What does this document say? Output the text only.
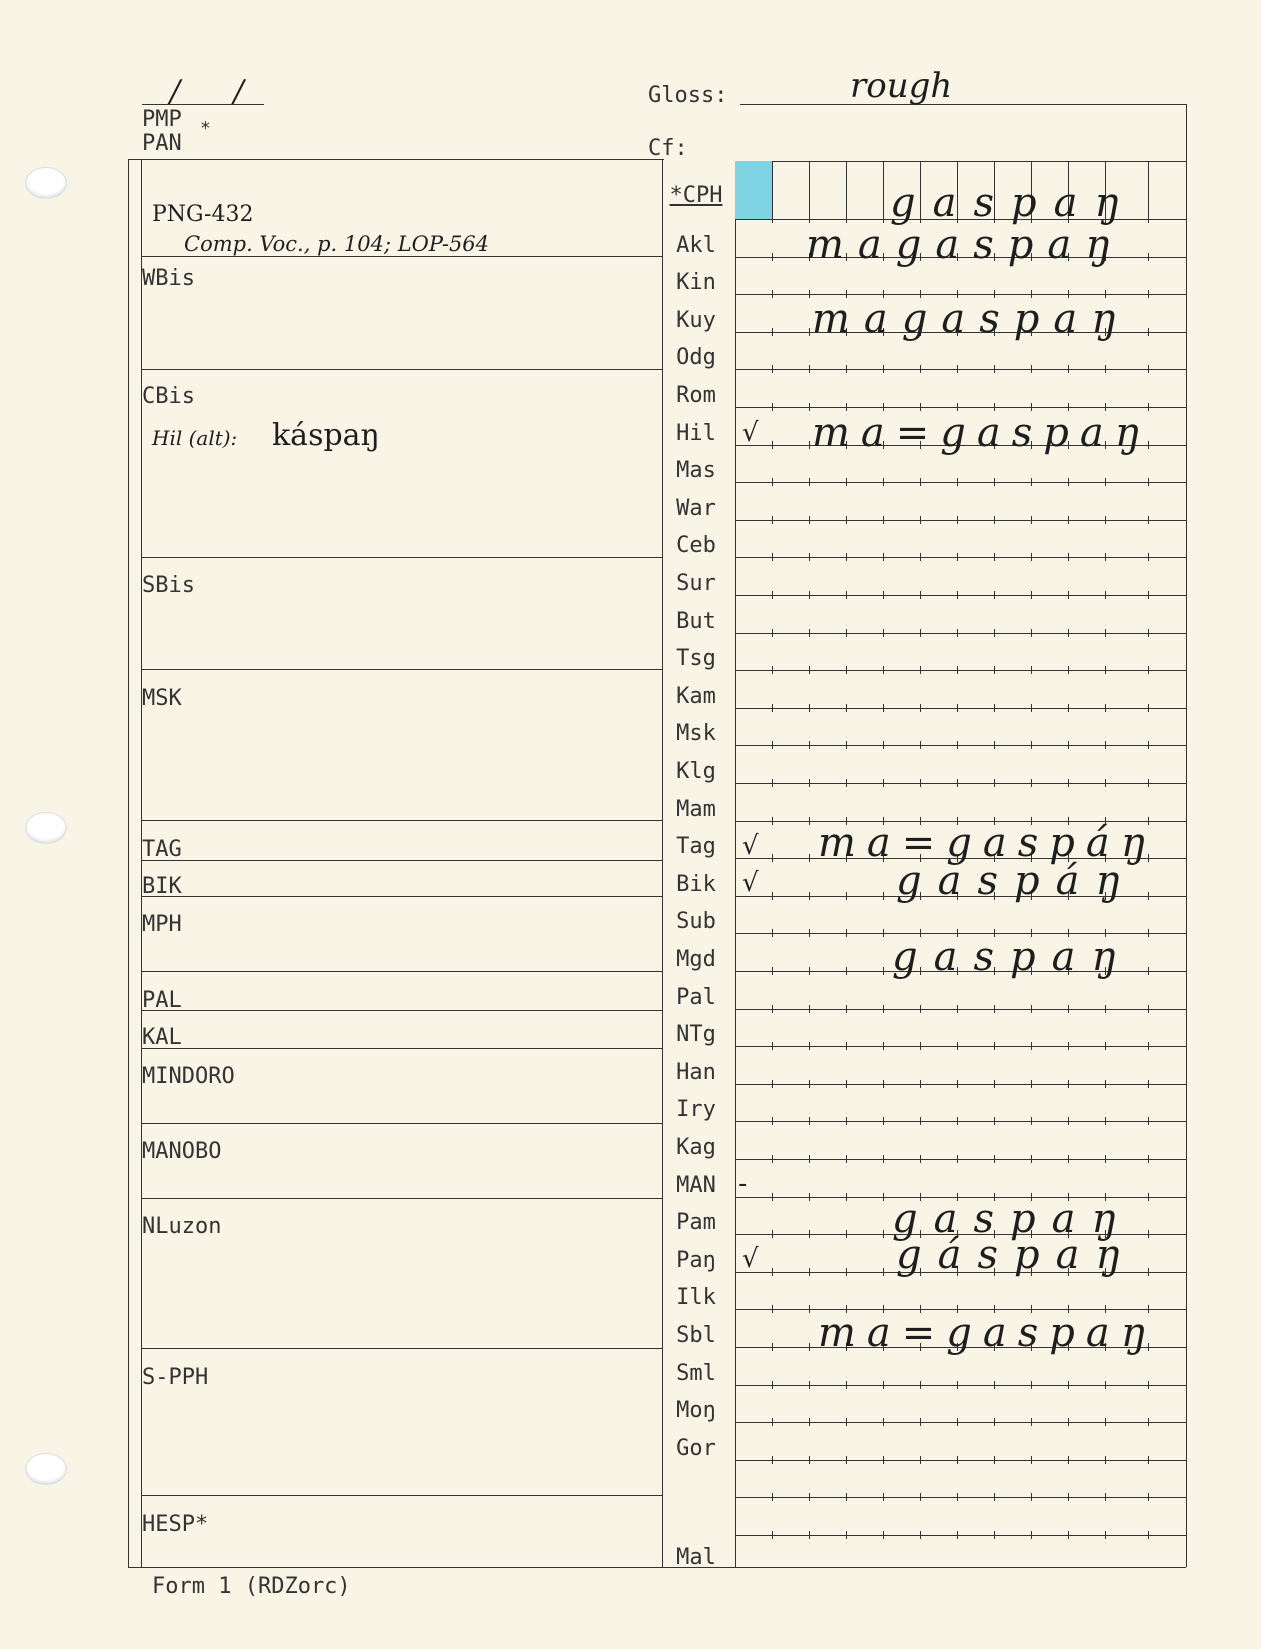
/ /
PMP *
PAN
Gloss:	rough
Cf:
PNG-432
Comp. Voc., p. 104; LOP-564
WBis
CBis
Hil (alt): káspaŋ
SBis
MSK
TAG
BIK
MPH
PAL
KAL
MINDORO
MANOBO
NLuzon
S-PPH
HESP*
*CPH
Akl
Kin
Kuy
Odg
Rom
Hil
Mas
War
Ceb
Sur
But
Tsg
Kam
Msk
Klg
Mam
Tag
Bik
Sub
Mgd
Pal
NTg
Han
Iry
Kag
MAN
Pam
Paŋ
Ilk
Sbl
Sml
Moŋ
Gor
Mal
√
√
√
√
-
gaspaŋ
magaspaŋ
magaspaŋ
ma=gaspaŋ
ma=gaspáŋ
gaspáŋ
gaspaŋ
gaspaŋ
gáspaŋ
ma=gaspaŋ
Form 1 (RDZorc)
